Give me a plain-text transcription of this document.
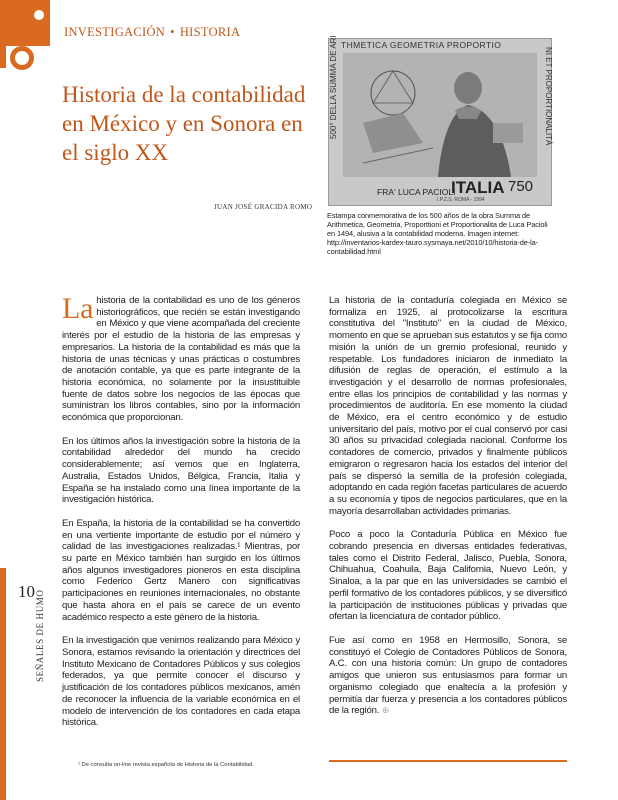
INVESTIGACIÓN • HISTORIA
Historia de la contabilidad en México y en Sonora en el siglo XX
JUAN JOSÉ GRACIDA ROMO
THMETICA GEOMETRIA PROPORTIO
500° DELLA SUMMA DE ARI	NI ET PROPORTIONALITÀ
FRA' LUCA PACIOLI
ITALIA 750
I.P.Z.S. ROMA - 1994
Estampa conmemorativa de los 500 años de la obra Summa de Arithmetica, Geometria, Proporttioni et Proportionalita de Luca Pacioli en 1494, alusiva a la contabilidad moderna. Imagen internet: http://inventarios-kardex-tauro.sysmaya.net/2010/10/historia-de-la-contabilidad.html
10 SEÑALES DE HUMO

La historia de la contabilidad es uno de los géneros historiográficos, que recién se están investigando en México y que viene acompañada del creciente interés por el estudio de la historia de las empresas y empresarios. La historia de la contabilidad es más que la historia de unas técnicas y unas prácticas o costumbres de anotación contable, ya que es parte integrante de la historia económica, no solamente por la insustituible fuente de datos sobre los negocios de las épocas que suministran los libros contables, sino por la información económica que proporcionan.

En los últimos años la investigación sobre la historia de la contabilidad alrededor del mundo ha crecido considerablemente; así vemos que en Inglaterra, Australia, Estados Unidos, Bélgica, Francia, Italia y España se ha instalado como una línea importante de la investigación histórica.

En España, la historia de la contabilidad se ha convertido en una vertiente importante de estudio por el número y calidad de las investigaciones realizadas.¹ Mientras, por su parte en México también han surgido en los últimos años algunos investigadores pioneros en esta disciplina como Federico Gertz Manero con significativas participaciones en reuniones internacionales, no obstante que hasta ahora en el país se carece de un evento académico respecto a este género de la historia.

En la investigación que venimos realizando para México y Sonora, estamos revisando la orientación y directrices del Instituto Mexicano de Contadores Públicos y sus colegios federados, ya que permite conocer el discurso y justificación de los contadores públicos mexicanos, amén de reconocer la influencia de la variable económica en el modelo de intervención de los contadores en cada etapa histórica.

La historia de la contaduría colegiada en México se formaliza en 1925, al protocolizarse la escritura constitutiva del "Instituto" en la ciudad de México, momento en que se aprueban sus estatutos y se fija como misión la unión de un gremio profesional, reunido y respetable. Los fundadores iniciaron de inmediato la difusión de reglas de operación, el estímulo a la investigación y el desarrollo de normas profesionales, entre ellas los principios de contabilidad y las normas y procedimientos de auditoría. En ese momento la ciudad de México, era el centro económico y de estudio universitario del país, motivo por el cual conservó por casi 30 años su privacidad colegiada nacional. Conforme los contadores de comercio, privados y finalmente públicos emigraron o regresaron hacia los estados del interior del país se dispersó la semilla de la profesión colegiada, adoptando en cada región facetas particulares de acuerdo a su economía y tipos de negocios particulares, que en la mayoría desarrollaban actividades primarias.

Poco a poco la Contaduría Pública en México fue cobrando presencia en diversas entidades federativas, tales como el Distrito Federal, Jalisco, Puebla, Sonora, Chihuahua, Coahuila, Baja California, Nuevo León, y Sinaloa, a la par que en las universidades se cambió el perfil formativo de los contadores públicos, y se diversificó la participación de instituciones públicas y privadas que ofertan la licenciatura de contador público.

Fue así como en 1958 en Hermosillo, Sonora, se constituyó el Colegio de Contadores Públicos de Sonora, A.C. con una historia común: Un grupo de contadores amigos que unieron sus entusiasmos para formar un organismo colegiado que enaltecía a la profesión y permitía dar fuerza y presencia a los contadores públicos de la región. ⊕

¹ De consulta on-line revista española de Historia de la Contabilidad.
